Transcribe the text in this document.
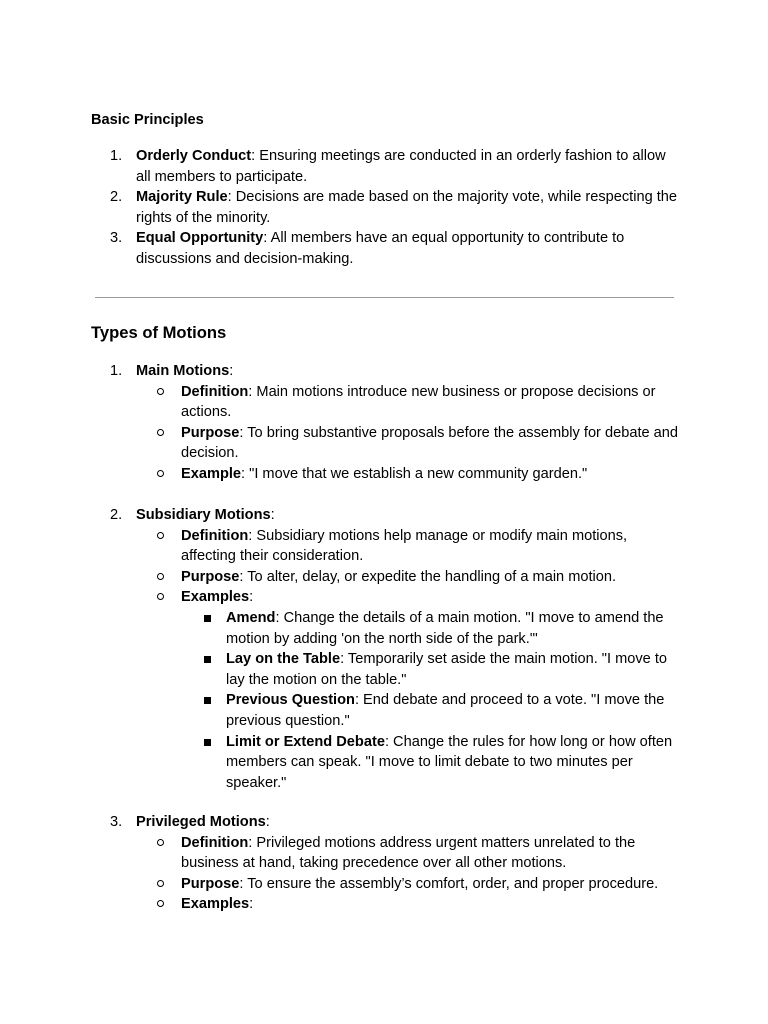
Basic Principles
1. Orderly Conduct: Ensuring meetings are conducted in an orderly fashion to allow all members to participate.
2. Majority Rule: Decisions are made based on the majority vote, while respecting the rights of the minority.
3. Equal Opportunity: All members have an equal opportunity to contribute to discussions and decision-making.
Types of Motions
1. Main Motions:
Definition: Main motions introduce new business or propose decisions or actions.
Purpose: To bring substantive proposals before the assembly for debate and decision.
Example: "I move that we establish a new community garden."
2. Subsidiary Motions:
Definition: Subsidiary motions help manage or modify main motions, affecting their consideration.
Purpose: To alter, delay, or expedite the handling of a main motion.
Examples:
Amend: Change the details of a main motion. "I move to amend the motion by adding 'on the north side of the park.'"
Lay on the Table: Temporarily set aside the main motion. "I move to lay the motion on the table."
Previous Question: End debate and proceed to a vote. "I move the previous question."
Limit or Extend Debate: Change the rules for how long or how often members can speak. "I move to limit debate to two minutes per speaker."
3. Privileged Motions:
Definition: Privileged motions address urgent matters unrelated to the business at hand, taking precedence over all other motions.
Purpose: To ensure the assembly’s comfort, order, and proper procedure.
Examples:
